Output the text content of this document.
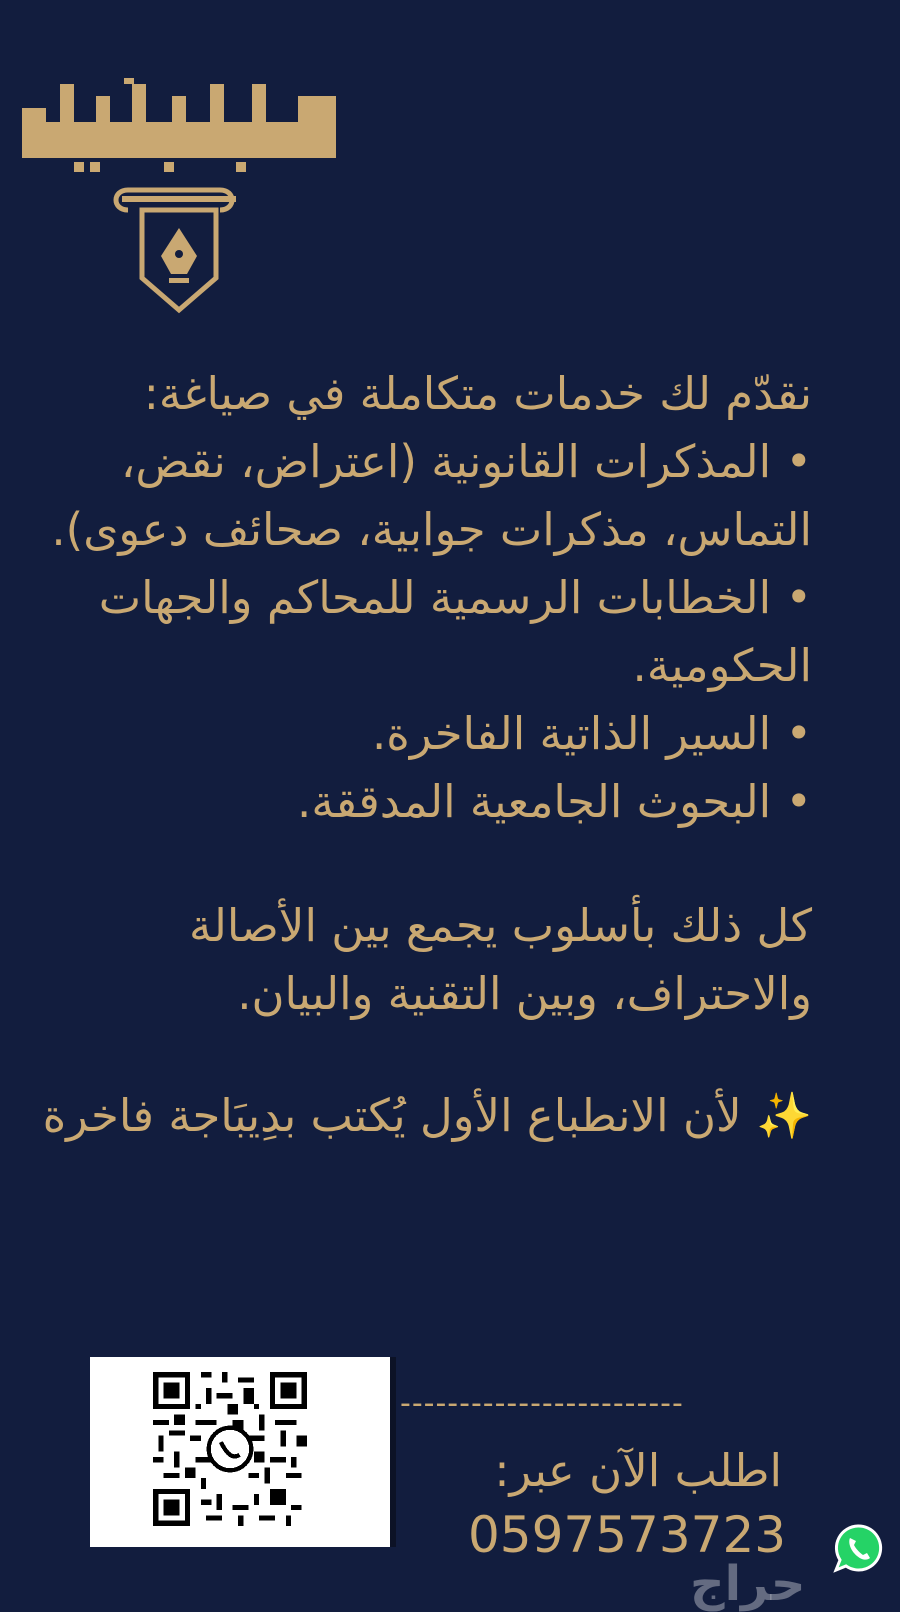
نقدّم لك خدمات متكاملة في صياغة:

• المذكرات القانونية (اعتراض، نقض، التماس، مذكرات جوابية، صحائف دعوى).

• الخطابات الرسمية للمحاكم والجهات الحكومية.

• السير الذاتية الفاخرة.

• البحوث الجامعية المدققة.

كل ذلك بأسلوب يجمع بين الأصالة والاحتراف، وبين التقنية والبيان.

✨ لأن الانطباع الأول يُكتب بدِيبَاجة فاخرة

------------------------
اطلب الآن عبر:
0597573723
حراج
